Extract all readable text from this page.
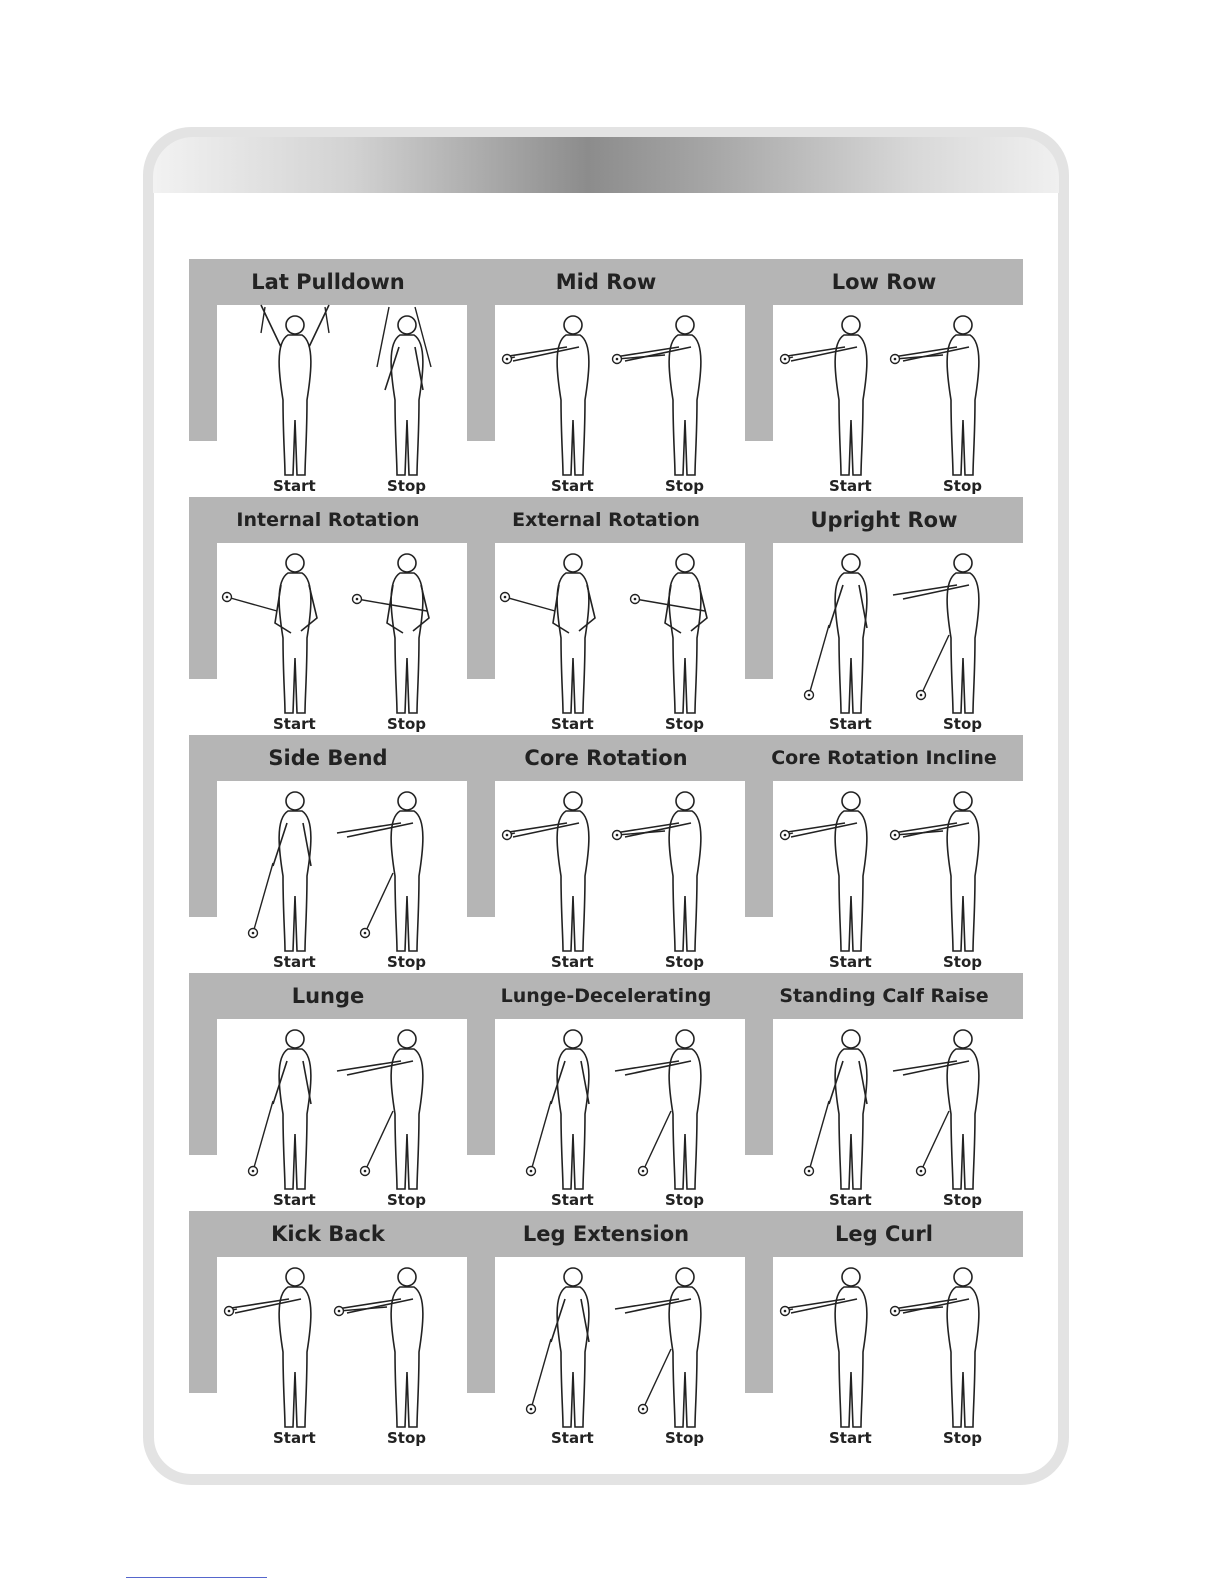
Lat Pulldown
Start	Stop
Mid Row
Start	Stop
Low Row
Start	Stop
Internal Rotation
Start	Stop
External Rotation
Start	Stop
Upright Row
Start	Stop
Side Bend
Start	Stop
Core Rotation
Start	Stop
Core Rotation Incline
Start	Stop
Lunge
Start	Stop
Lunge-Decelerating
Start	Stop
Standing Calf Raise
Start	Stop
Kick Back
Start	Stop
Leg Extension
Start	Stop
Leg Curl
Start	Stop
